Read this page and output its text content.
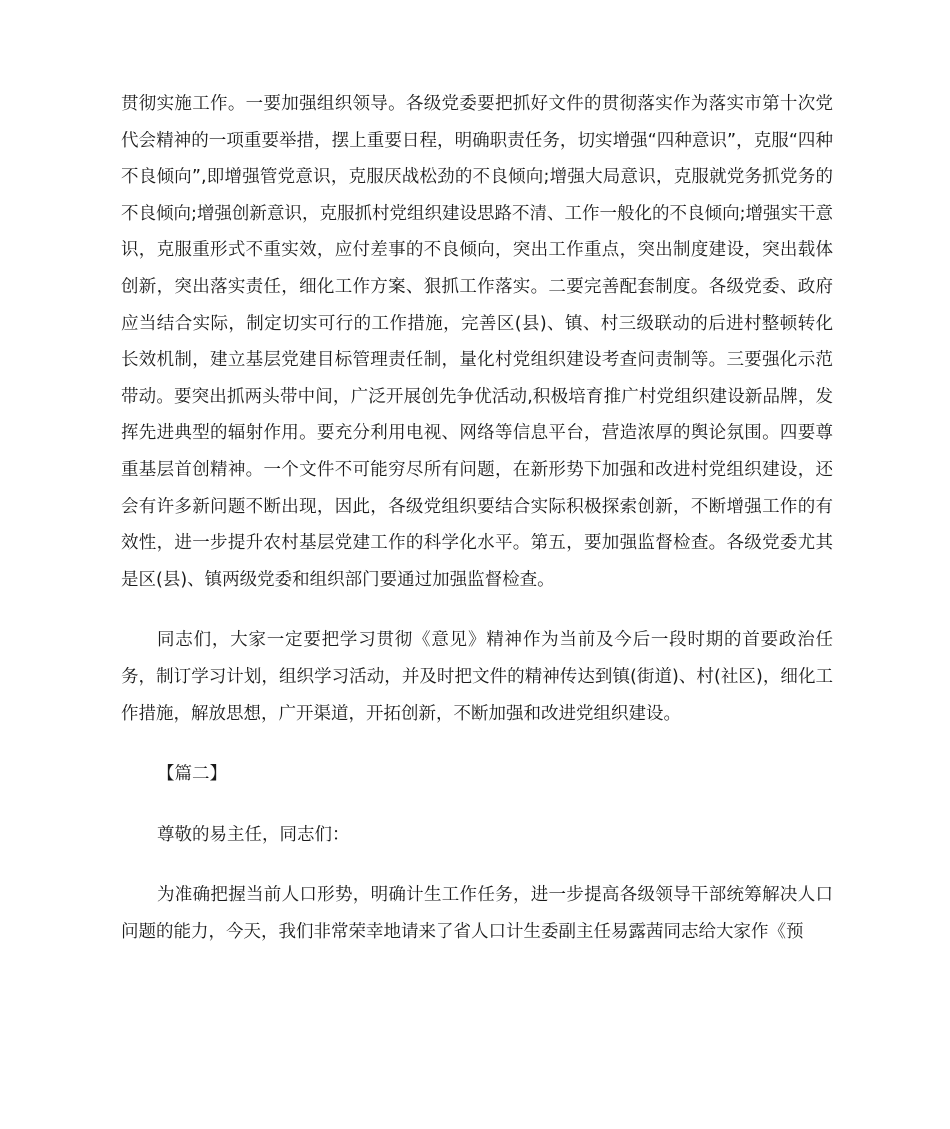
贯彻实施工作。一要加强组织领导。各级党委要把抓好文件的贯彻落实作为落实市第十次党代会精神的一项重要举措，摆上重要日程，明确职责任务，切实增强“四种意识”，克服“四种不良倾向”,即增强管党意识，克服厌战松劲的不良倾向;增强大局意识，克服就党务抓党务的不良倾向;增强创新意识，克服抓村党组织建设思路不清、工作一般化的不良倾向;增强实干意识，克服重形式不重实效，应付差事的不良倾向，突出工作重点，突出制度建设，突出载体创新，突出落实责任，细化工作方案、狠抓工作落实。二要完善配套制度。各级党委、政府应当结合实际，制定切实可行的工作措施，完善区(县)、镇、村三级联动的后进村整顿转化长效机制，建立基层党建目标管理责任制，量化村党组织建设考查问责制等。三要强化示范带动。要突出抓两头带中间，广泛开展创先争优活动,积极培育推广村党组织建设新品牌，发挥先进典型的辐射作用。要充分利用电视、网络等信息平台，营造浓厚的舆论氛围。四要尊重基层首创精神。一个文件不可能穷尽所有问题，在新形势下加强和改进村党组织建设，还会有许多新问题不断出现，因此，各级党组织要结合实际积极探索创新，不断增强工作的有效性，进一步提升农村基层党建工作的科学化水平。第五，要加强监督检查。各级党委尤其是区(县)、镇两级党委和组织部门要通过加强监督检查。

同志们，大家一定要把学习贯彻《意见》精神作为当前及今后一段时期的首要政治任务，制订学习计划，组织学习活动，并及时把文件的精神传达到镇(街道)、村(社区)，细化工作措施，解放思想，广开渠道，开拓创新，不断加强和改进党组织建设。

【篇二】

尊敬的易主任，同志们：

为准确把握当前人口形势，明确计生工作任务，进一步提高各级领导干部统筹解决人口问题的能力，今天，我们非常荣幸地请来了省人口计生委副主任易露茜同志给大家作《预
